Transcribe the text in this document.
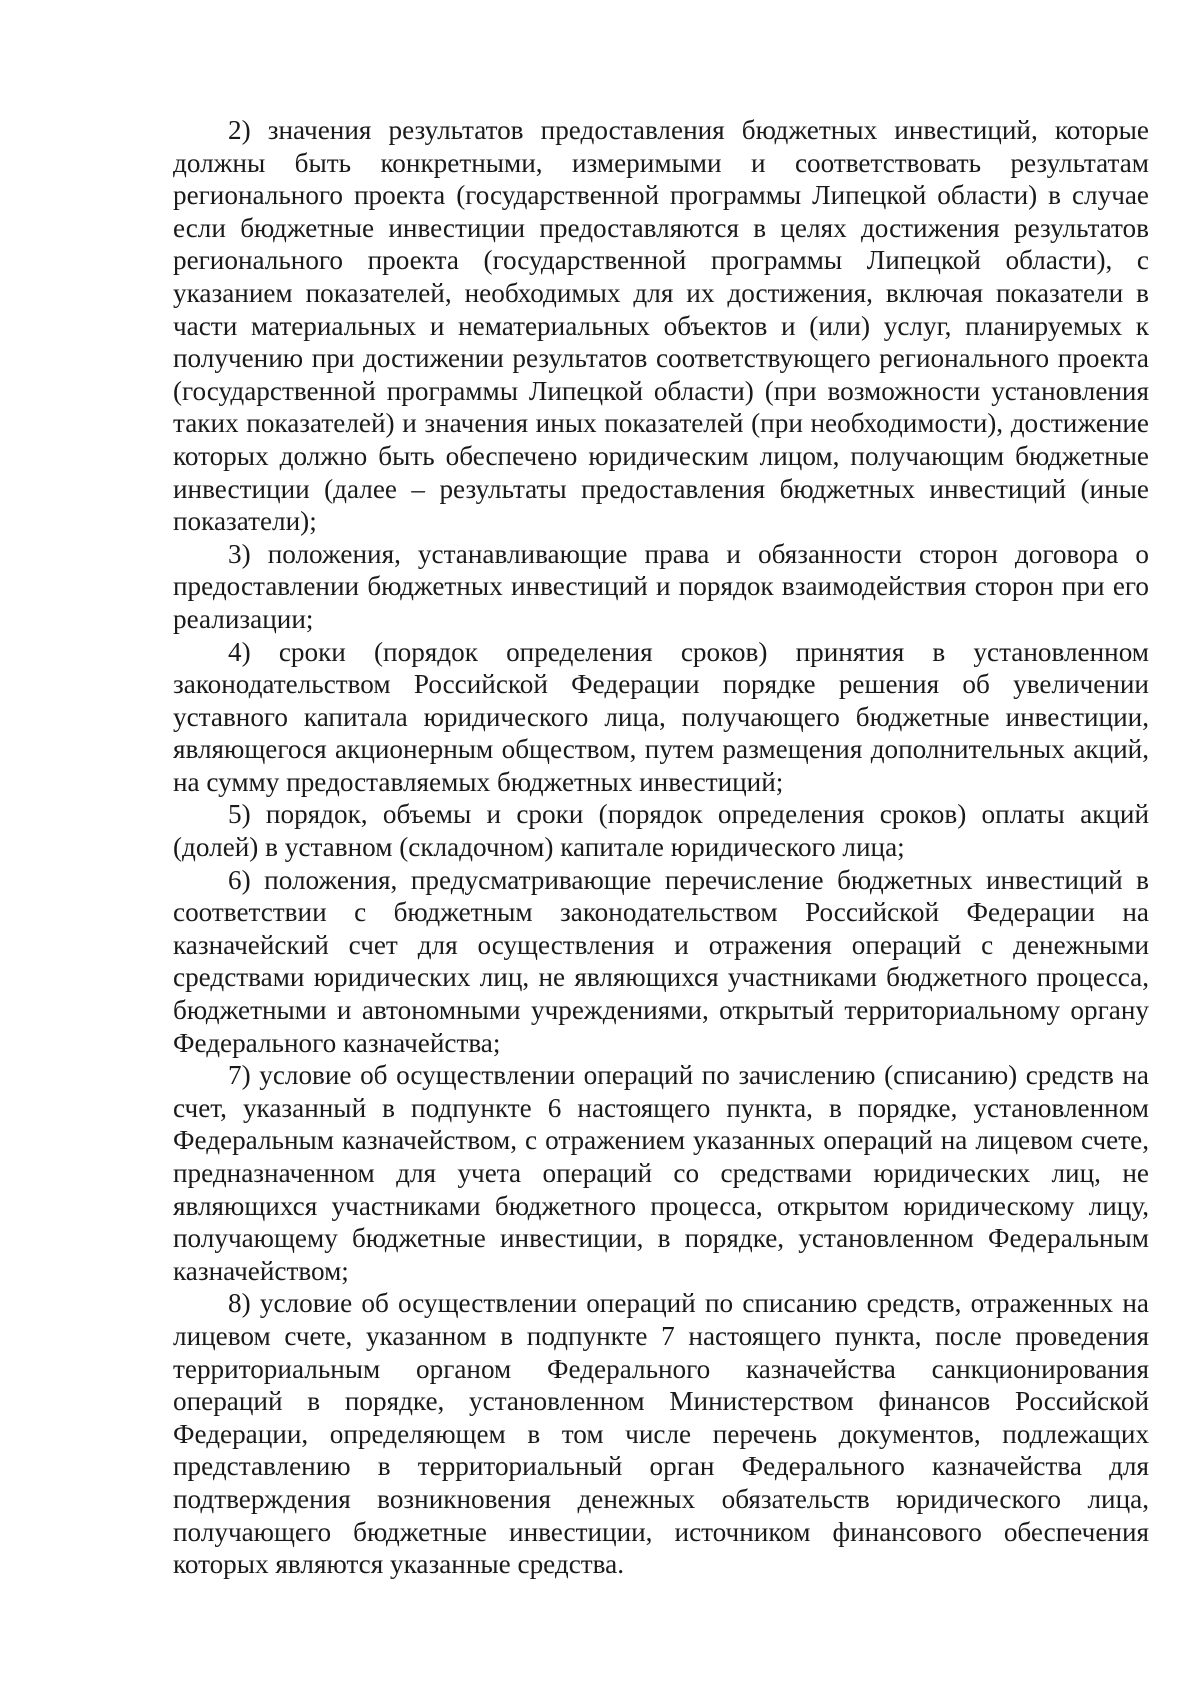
2) значения результатов предоставления бюджетных инвестиций, которые должны быть конкретными, измеримыми и соответствовать результатам регионального проекта (государственной программы Липецкой области) в случае если бюджетные инвестиции предоставляются в целях достижения результатов регионального проекта (государственной программы Липецкой области), с указанием показателей, необходимых для их достижения, включая показатели в части материальных и нематериальных объектов и (или) услуг, планируемых к получению при достижении результатов соответствующего регионального проекта (государственной программы Липецкой области) (при возможности установления таких показателей) и значения иных показателей (при необходимости), достижение которых должно быть обеспечено юридическим лицом, получающим бюджетные инвестиции (далее – результаты предоставления бюджетных инвестиций (иные показатели);

3) положения, устанавливающие права и обязанности сторон договора о предоставлении бюджетных инвестиций и порядок взаимодействия сторон при его реализации;

4) сроки (порядок определения сроков) принятия в установленном законодательством Российской Федерации порядке решения об увеличении уставного капитала юридического лица, получающего бюджетные инвестиции, являющегося акционерным обществом, путем размещения дополнительных акций, на сумму предоставляемых бюджетных инвестиций;

5) порядок, объемы и сроки (порядок определения сроков) оплаты акций (долей) в уставном (складочном) капитале юридического лица;

6) положения, предусматривающие перечисление бюджетных инвестиций в соответствии с бюджетным законодательством Российской Федерации на казначейский счет для осуществления и отражения операций с денежными средствами юридических лиц, не являющихся участниками бюджетного процесса, бюджетными и автономными учреждениями, открытый территориальному органу Федерального казначейства;

7) условие об осуществлении операций по зачислению (списанию) средств на счет, указанный в подпункте 6 настоящего пункта, в порядке, установленном Федеральным казначейством, с отражением указанных операций на лицевом счете, предназначенном для учета операций со средствами юридических лиц, не являющихся участниками бюджетного процесса, открытом юридическому лицу, получающему бюджетные инвестиции, в порядке, установленном Федеральным казначейством;

8) условие об осуществлении операций по списанию средств, отраженных на лицевом счете, указанном в подпункте 7 настоящего пункта, после проведения территориальным органом Федерального казначейства санкционирования операций в порядке, установленном Министерством финансов Российской Федерации, определяющем в том числе перечень документов, подлежащих представлению в территориальный орган Федерального казначейства для подтверждения возникновения денежных обязательств юридического лица, получающего бюджетные инвестиции, источником финансового обеспечения которых являются указанные средства.
